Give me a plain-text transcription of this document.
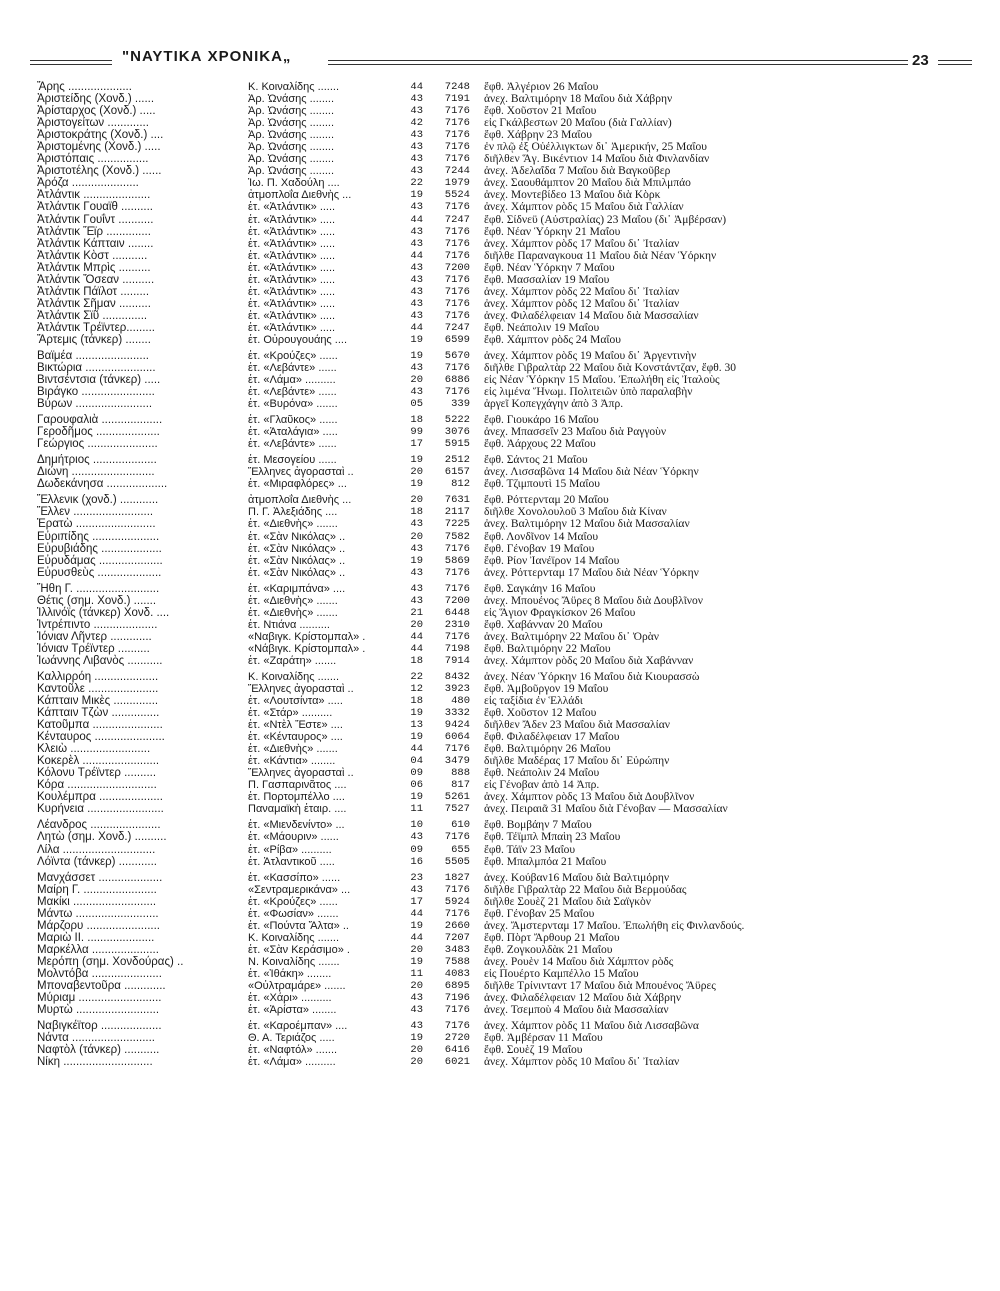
"ΝΑΥΤΙΚΑ ΧΡΟΝΙΚΑ„	23
Ἄρης ....................	Κ. Κοιναλίδης .......	44	7248 ἔφθ. Ἀλγέριον 26 Μαΐου
Ἀριστείδης (Χονδ.) ......	Ἀρ. Ὠνάσης ........	43	7191 ἀνεχ. Βαλτιμόρην 18 Μαΐου διὰ Χάβρην
Ἀρίσταρχος (Χονδ.) .....	Ἀρ. Ὠνάσης ........	43	7176 ἔφθ. Χοῦστον 21 Μαΐου
Ἀριστογείτων .............	Ἀρ. Ὠνάσης ........	42	7176 εἰς Γκάλβεστων 20 Μαΐου (διὰ Γαλλίαν)
Ἀριστοκράτης (Χονδ.) ....	Ἀρ. Ὠνάσης ........	43	7176 ἔφθ. Χάβρην 23 Μαΐου
Ἀριστομένης (Χονδ.) .....	Ἀρ. Ὠνάσης ........	43	7176 ἐν πλῷ ἐξ Οὐέλλιγκτων δι᾽ Ἀμερικήν, 25 Μαΐου
Ἀριστόπαις ................	Ἀρ. Ὠνάσης ........	43	7176 διῆλθεν Ἅγ. Βικέντιον 14 Μαΐου διὰ Φινλανδίαν
Ἀριστοτέλης (Χονδ.) ......	Ἀρ. Ὠνάσης ........	43	7244 ἀνεχ. Ἀδελαΐδα 7 Μαΐου διὰ Βαγκοῦβερ
Ἀρόζα .....................	Ἰω. Π. Χαδούλη ....	22	1979 ἀνεχ. Σαουθάμπτον 20 Μαΐου διὰ Μπιλμπάο
Ἀτλάντικ .....................	ἀτμοπλοΐα Διεθνὴς ...	19	5524 ἀνεχ. Μοντεβίδεο 13 Μαΐου διὰ Κὸρκ
Ἀτλάντικ Γουαϊθ ..........	ἑτ. «Ἀτλάντικ» .....	43	7176 ἀνεχ. Χάμπτον ρὸδς 15 Μαΐου διὰ Γαλλίαν
Ἀτλάντικ Γουΐντ ...........	ἑτ. «Ἀτλάντικ» .....	44	7247 ἔφθ. Σίδνεϋ (Αὐστραλίας) 23 Μαΐου (δι᾽ Ἀμβέρσαν)
Ἀτλάντικ Ἕϊρ ..............	ἑτ. «Ἀτλάντικ» .....	43	7176 ἔφθ. Νέαν Ὑόρκην 21 Μαΐου
Ἀτλάντικ Κάπταιν ........	ἑτ. «Ἀτλάντικ» .....	43	7176 ἀνεχ. Χάμπτον ρὸδς 17 Μαΐου δι᾽ Ἰταλίαν
Ἀτλάντικ Κὸστ ...........	ἑτ. «Ἀτλάντικ» .....	44	7176 διῆλθε Παραναγκουα 11 Μαΐου διὰ Νέαν Ὑόρκην
Ἀτλάντικ Μπρὶς ..........	ἑτ. «Ἀτλάντικ» .....	43	7200 ἔφθ. Νέαν Ὑόρκην 7 Μαΐου
Ἀτλάντικ Ὄσεαν ..........	ἑτ. «Ἀτλάντικ» .....	43	7176 ἔφθ. Μασσαλίαν 19 Μαΐου
Ἀτλάντικ Πάϊλοτ .........	ἑτ. «Ἀτλάντικ» .....	43	7176 ἀνεχ. Χάμπτον ρὸδς 22 Μαΐου δι᾽ Ἰταλίαν
Ἀτλάντικ Σῆμαν ..........	ἑτ. «Ἀτλάντικ» .....	43	7176 ἀνεχ. Χάμπτον ρὸδς 12 Μαΐου δι᾽ Ἰταλίαν
Ἀτλάντικ Σϊῦ ..............	ἑτ. «Ἀτλάντικ» .....	43	7176 ἀνεχ. Φιλαδέλφειαν 14 Μαΐου διὰ Μασσαλίαν
Ἀτλάντικ Τρέϊντερ.........	ἑτ. «Ἀτλάντικ» .....	44	7247 ἔφθ. Νεάπολιν 19 Μαΐου
Ἄρτεμις (τάνκερ) ........	ἑτ. Οὐρουγουάης ....	19	6599 ἔφθ. Χάμπτον ρὸδς 24 Μαΐου
Βαϊμέα .......................	ἑτ. «Κρούζες» ......	19	5670 ἀνεχ. Χάμπτον ρὸδς 19 Μαΐου δι᾽ Ἀργεντινὴν
Βικτώρια ......................	ἑτ. «Λεβάντε» ......	43	7176 διῆλθε Γιβραλτὰρ 22 Μαΐου διὰ Κονστάντζαν, ἔφθ. 30
Βιντσέντσια (τάνκερ) .....	ἑτ. «Λάμα» ..........	20	6886 εἰς Νέαν Ὑόρκην 15 Μαΐου. Ἐπωλήθη εἰς Ἰταλοὺς
Βιράγκο .......................	ἑτ. «Λεβάντε» ......	43	7176 εἰς λιμένα Ἥνωμ. Πολιτειῶν ὑπὸ παραλαβὴν
Βύρων ........................	ἑτ. «Βυρόνα» .......	05	339 ἀργεῖ Κοπεγχάγην ἀπὸ 3 Ἀπρ.
Γαρουφαλιὰ ...................	ἑτ. «Γλαῦκος» ......	18	5222 ἔφθ. Γιουκάρο 16 Μαΐου
Γεροδῆμος ....................	ἑτ. «Ἀταλάγια» .....	99	3076 ἀνεχ. Μπασσεΐν 23 Μαΐου διὰ Ραγγοὺν
Γεώργιος ......................	ἑτ. «Λεβάντε» ......	17	5915 ἔφθ. Ἀάρχους 22 Μαΐου
Δημήτριος ....................	ἑτ. Μεσογείου ......	19	2512 ἔφθ. Σάντος 21 Μαΐου
Διώνη ..........................	Ἕλληνες ἀγορασταὶ ..	20	6157 ἀνεχ. Λισσαβῶνα 14 Μαΐου διὰ Νέαν Ὑόρκην
Δωδεκάνησα ...................	ἑτ. «Μιραφλόρες» ...	19	812 ἔφθ. Τζιμπουτὶ 15 Μαΐου
Ἕλλενικ (χονδ.) ............	ἀτμοπλοΐα Διεθνὴς ...	20	7631 ἔφθ. Ρόττερνταμ 20 Μαΐου
Ἕλλεν .........................	Π. Γ. Ἀλεξιάδης ....	18	2117 διῆλθε Χονολουλοῦ 3 Μαΐου διὰ Κίναν
Ἐρατὼ .........................	ἑτ. «Διεθνὴς» .......	43	7225 ἀνεχ. Βαλτιμόρην 12 Μαΐου διὰ Μασσαλίαν
Εὐριπίδης .....................	ἑτ. «Σὰν Νικόλας» ..	20	7582 ἔφθ. Λονδῖνον 14 Μαΐου
Εὐρυβιάδης ...................	ἑτ. «Σὰν Νικόλας» ..	43	7176 ἔφθ. Γένοβαν 19 Μαΐου
Εὐρυδάμας ....................	ἑτ. «Σὰν Νικόλας» ..	19	5869 ἔφθ. Ρίον Ἰανέϊρον 14 Μαΐου
Εὐρυσθεὺς ....................	ἑτ. «Σὰν Νικόλας» ..	43	7176 ἀνεχ. Ρόττερνταμ 17 Μαΐου διὰ Νέαν Ὑόρκην
Ἥθη Γ. ..........................	ἑτ. «Καριμπάνα» ....	43	7176 ἔφθ. Σαγκάην 16 Μαΐου
Θέτις (σημ. Χονδ.) .......	ἑτ. «Διεθνὴς» .......	43	7200 ἀνεχ. Μπουένος Ἄϋρες 8 Μαΐου διὰ Δουβλῖνον
Ἰλλινόϊς (τάνκερ) Χονδ. ....	ἑτ. «Διεθνὴς» .......	21	6448 εἰς Ἅγιον Φραγκίσκον 26 Μαΐου
Ἰντρέπιντο ....................	ἑτ. Ντιάνα ..........	20	2310 ἔφθ. Χαβάνναν 20 Μαΐου
Ἰόνιαν Λῆντερ .............	«Ναβιγκ. Κρίστομπαλ» .	44	7176 ἀνεχ. Βαλτιμόρην 22 Μαΐου δι᾽ Ὀρὰν
Ἰόνιαν Τρέϊντερ ..........	«Νάβιγκ. Κρίστομπαλ» .	44	7198 ἔφθ. Βαλτιμόρην 22 Μαΐου
Ἰωάννης Λιβανὸς ...........	ἑτ. «Ζαράτη» .......	18	7914 ἀνεχ. Χάμπτον ρὸδς 20 Μαΐου διὰ Χαβάνναν
Καλλιρρόη ....................	Κ. Κοιναλίδης .......	22	8432 ἀνεχ. Νέαν Ὑόρκην 16 Μαΐου διὰ Κιουρασσὼ
Καντοῦλε ......................	Ἕλληνες ἀγορασταὶ ..	12	3923 ἔφθ. Ἀμβοῦργον 19 Μαΐου
Κάπταιν Μικὲς ..............	ἑτ. «Λουτσίντα» .....	18	480 εἰς ταξίδια ἐν Ἑλλάδι
Κάπταιν Τζὼν ...............	ἑτ. «Στάρ» ..........	19	3332 ἔφθ. Χοῦστον 12 Μαΐου
Κατοῦμπα ......................	ἑτ. «Ντὲλ Ἔστε» ....	13	9424 διῆλθεν Ἄδεν 23 Μαΐου διὰ Μασσαλίαν
Κένταυρος ......................	ἑτ. «Κένταυρος» ....	19	6064 ἔφθ. Φιλαδέλφειαν 17 Μαΐου
Κλειὼ .........................	ἑτ. «Διεθνὴς» .......	44	7176 ἔφθ. Βαλτιμόρην 26 Μαΐου
Κοκερὲλ ........................	ἑτ. «Κάντια» ........	04	3479 διῆλθε Μαδέρας 17 Μαΐου δι᾽ Εὐρώπην
Κόλονυ Τρέϊντερ ..........	Ἕλληνες ἀγορασταὶ ..	09	888 ἔφθ. Νεάπολιν 24 Μαΐου
Κόρα ............................	Π. Γασπαρινᾶτος ....	06	817 εἰς Γένοβαν ἀπὸ 14 Ἀπρ.
Κουλέμπρα ....................	ἑτ. Πορτομπέλλο ....	19	5261 ἀνεχ. Χάμπτον ρὸδς 13 Μαΐου διὰ Δουβλῖνον
Κυρήνεια ........................	Παναμαϊκὴ ἑταιρ. ....	11	7527 ἀνεχ. Πειραιᾶ 31 Μαΐου διὰ Γένοβαν — Μασσαλίαν
Λέανδρος ......................	ἑτ. «Μιενδενίντο» ...	10	610 ἔφθ. Βομβάην 7 Μαΐου
Λητὼ (σημ. Χονδ.) ..........	ἑτ. «Μάουριν» ......	43	7176 ἔφθ. Τέϊμπλ Μπαὶη 23 Μαΐου
Λίλα .............................	ἑτ. «Ρίβα» ..........	09	655 ἔφθ. Τάϊν 23 Μαΐου
Λόϊντα (τάνκερ) ............	ἑτ. Ἀτλαντικοῦ .....	16	5505 ἔφθ. Μπαλμπόα 21 Μαΐου
Μανχάσσετ ....................	ἑτ. «Κασσίπο» ......	23	1827 ἀνεχ. Κούβαν16 Μαΐου διὰ Βαλτιμόρην
Μαίρη Γ. .......................	«Σεντραμερικάνα» ...	43	7176 διῆλθε Γιβραλτὰρ 22 Μαΐου διὰ Βερμούδας
Μακίκι ..........................	ἑτ. «Κρούζες» ......	17	5924 διῆλθε Σουὲζ 21 Μαΐου διὰ Σαϊγκὸν
Μάντω ..........................	ἑτ. «Φωσίαν» .......	44	7176 ἔφθ. Γένοβαν 25 Μαΐου
Μάρζορυ .......................	ἑτ. «Πούντα Ἄλτα» ..	19	2660 ἀνεχ. Ἄμστερνταμ 17 Μαΐου. Ἐπωλήθη εἰς Φινλανδούς.
Μαριὼ ΙΙ. .....................	Κ. Κοιναλίδης .......	44	7207 ἔφθ. Πὸρτ Ἄρθουρ 21 Μαΐου
Μαρκέλλα .....................	ἑτ. «Σὰν Κεράσιμο» .	20	3483 ἔφθ. Ζογκουλδὰκ 21 Μαΐου
Μερόπη (σημ. Χονδούρας) ..	Ν. Κοιναλίδης .......	19	7588 ἀνεχ. Ρουὲν 14 Μαΐου διὰ Χάμπτον ρὸδς
Μολντόβα ......................	ἑτ. «Ἰθάκη» ........	11	4083 εἰς Πουέρτο Καμπέλλο 15 Μαΐου
Μποναβεντοῦρα .............	«Οὐλτραμάρε» .......	20	6895 διῆλθε Τρίνινταντ 17 Μαΐου διὰ Μπουένος Ἄϋρες
Μύριαμ ..........................	ἑτ. «Χάρι» ..........	43	7196 ἀνεχ. Φιλαδέλφειαν 12 Μαΐου διὰ Χάβρην
Μυρτὼ ..........................	ἑτ. «Ἀρίστα» ........	43	7176 ἀνεχ. Τσεμποὺ 4 Μαΐου διὰ Μασσαλίαν
Ναβιγκέϊτορ ...................	ἑτ. «Καροέμπαν» ....	43	7176 ἀνεχ. Χάμπτον ρὸδς 11 Μαΐου διὰ Λισσαβῶνα
Νάντα ..........................	Θ. Α. Τεριάζος .....	19	2720 ἔφθ. Ἀμβέρσαν 11 Μαΐου
Ναφτὸλ (τάνκερ) ...........	ἑτ. «Ναφτόλ» .......	20	6416 ἔφθ. Σουὲζ 19 Μαΐου
Νίκη ............................	ἑτ. «Λάμα» ..........	20	6021 ἀνεχ. Χάμπτον ρὸδς 10 Μαΐου δι᾽ Ἰταλίαν
